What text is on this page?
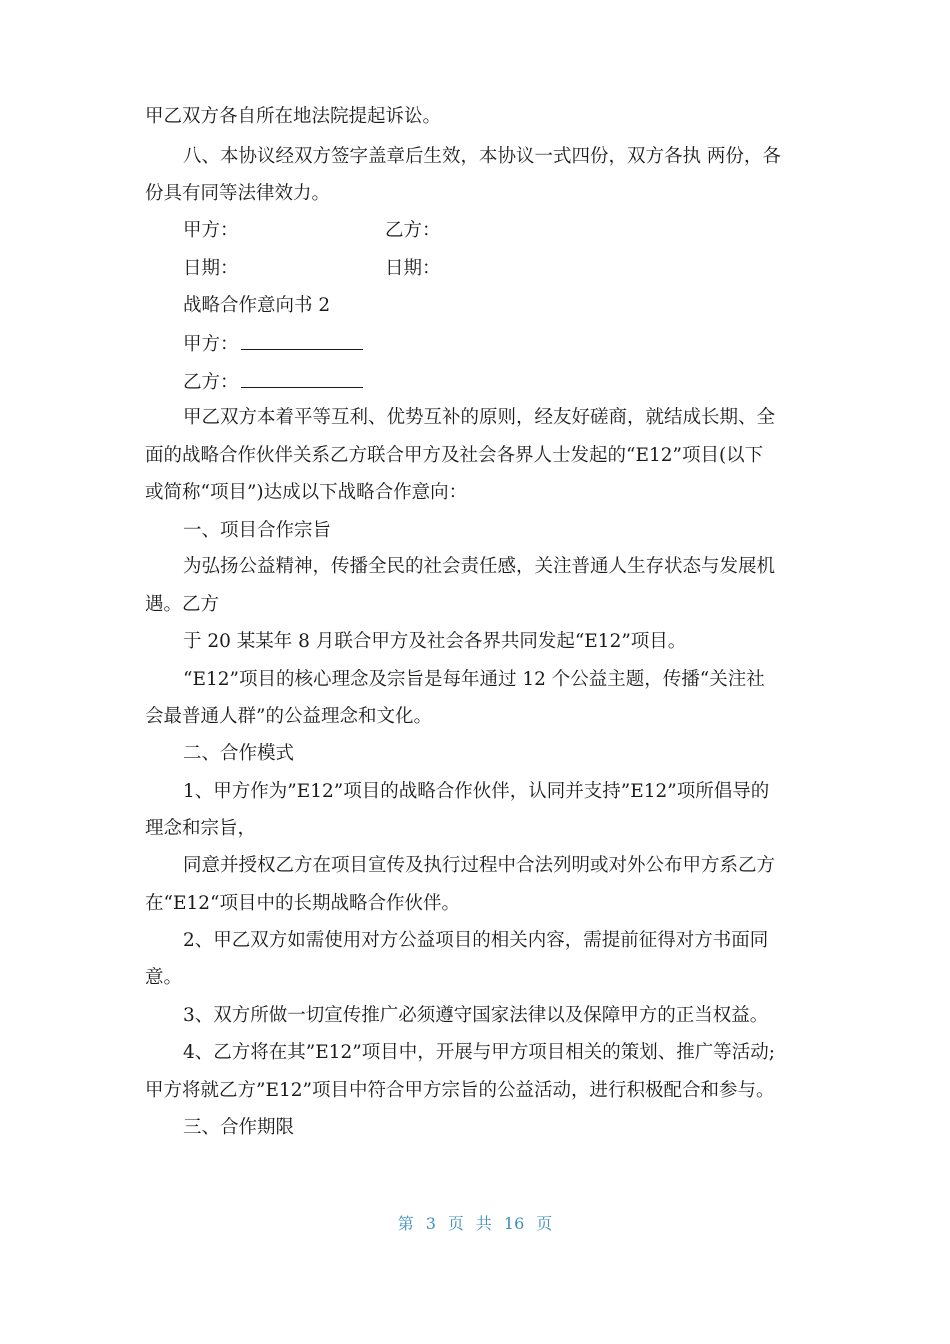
甲乙双方各自所在地法院提起诉讼。
八、本协议经双方签字盖章后生效，本协议一式四份，双方各执 两份，各
份具有同等法律效力。
甲方：	乙方：
日期：	日期：
战略合作意向书 2
甲方：
乙方：
甲乙双方本着平等互利、优势互补的原则，经友好磋商，就结成长期、全
面的战略合作伙伴关系乙方联合甲方及社会各界人士发起的“E12”项目(以下
或简称“项目”)达成以下战略合作意向：
一、项目合作宗旨
为弘扬公益精神，传播全民的社会责任感，关注普通人生存状态与发展机
遇。乙方
于 20 某某年 8 月联合甲方及社会各界共同发起“E12”项目。
“E12”项目的核心理念及宗旨是每年通过 12 个公益主题，传播“关注社
会最普通人群”的公益理念和文化。
二、合作模式
1、甲方作为”E12”项目的战略合作伙伴，认同并支持”E12”项所倡导的
理念和宗旨，
同意并授权乙方在项目宣传及执行过程中合法列明或对外公布甲方系乙方
在“E12“项目中的长期战略合作伙伴。
2、甲乙双方如需使用对方公益项目的相关内容，需提前征得对方书面同
意。
3、双方所做一切宣传推广必须遵守国家法律以及保障甲方的正当权益。
4、乙方将在其”E12”项目中，开展与甲方项目相关的策划、推广等活动;
甲方将就乙方”E12”项目中符合甲方宗旨的公益活动，进行积极配合和参与。
三、合作期限
第 3 页 共 16 页
